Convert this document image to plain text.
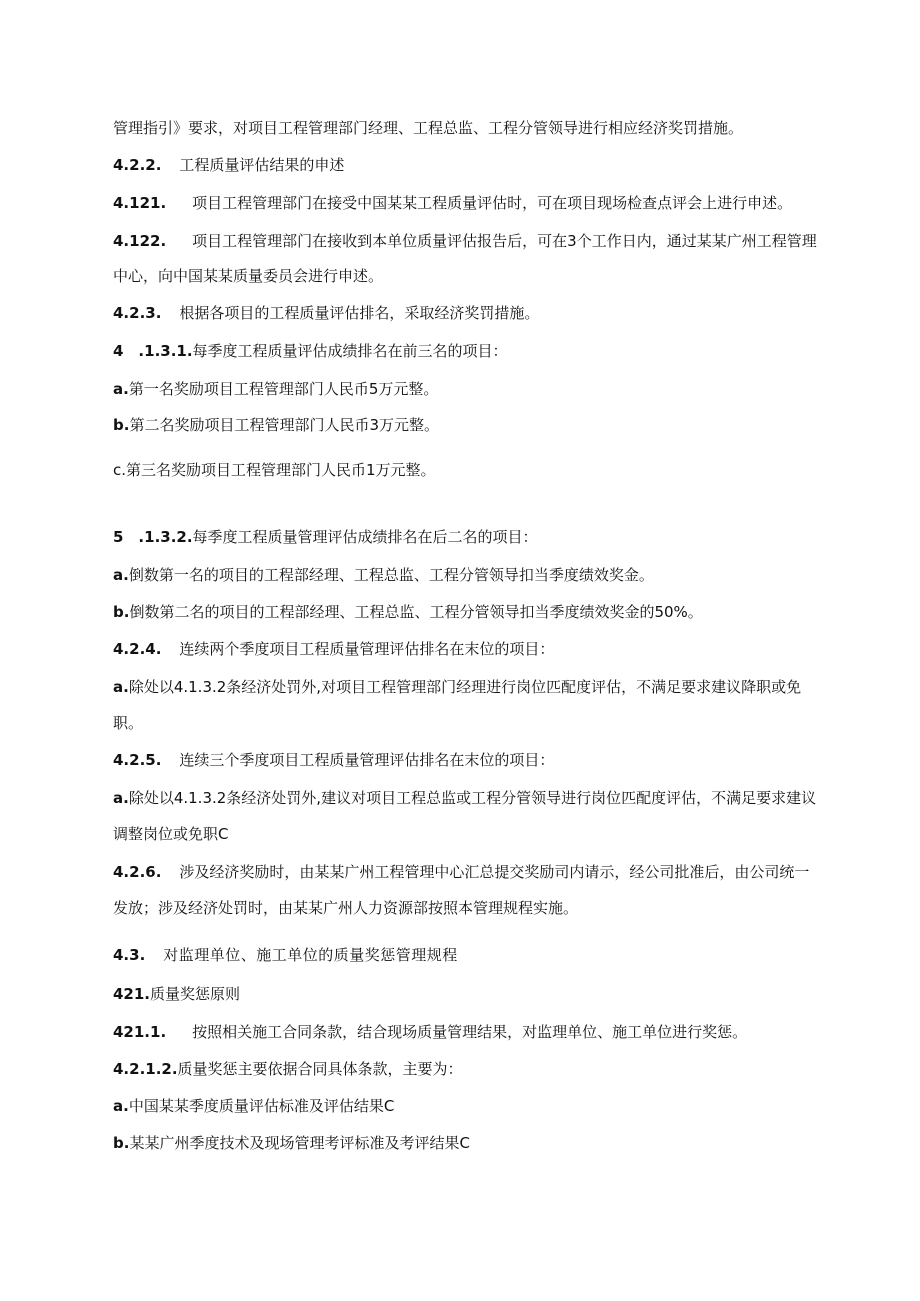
管理指引》要求，对项目工程管理部门经理、工程总监、工程分管领导进行相应经济奖罚措施。
4.2.2. 工程质量评估结果的申述
4.121. 项目工程管理部门在接受中国某某工程质量评估时，可在项目现场检查点评会上进行申述。
4.122. 项目工程管理部门在接收到本单位质量评估报告后，可在3个工作日内，通过某某广州工程管理
中心，向中国某某质量委员会进行申述。
4.2.3. 根据各项目的工程质量评估排名，采取经济奖罚措施。
4　.1.3.1.每季度工程质量评估成绩排名在前三名的项目：
a.第一名奖励项目工程管理部门人民币5万元整。
b.第二名奖励项目工程管理部门人民币3万元整。
c.第三名奖励项目工程管理部门人民币1万元整。
5　.1.3.2.每季度工程质量管理评估成绩排名在后二名的项目：
a.倒数第一名的项目的工程部经理、工程总监、工程分管领导扣当季度绩效奖金。
b.倒数第二名的项目的工程部经理、工程总监、工程分管领导扣当季度绩效奖金的50%。
4.2.4. 连续两个季度项目工程质量管理评估排名在末位的项目：
a.除处以4.1.3.2条经济处罚外,对项目工程管理部门经理进行岗位匹配度评估，不满足要求建议降职或免
职。
4.2.5. 连续三个季度项目工程质量管理评估排名在末位的项目：
a.除处以4.1.3.2条经济处罚外,建议对项目工程总监或工程分管领导进行岗位匹配度评估，不满足要求建议
调整岗位或免职C
4.2.6. 涉及经济奖励时，由某某广州工程管理中心汇总提交奖励司内请示，经公司批准后，由公司统一
发放；涉及经济处罚时，由某某广州人力资源部按照本管理规程实施。
4.3. 对监理单位、施工单位的质量奖惩管理规程
421.质量奖惩原则
421.1. 按照相关施工合同条款，结合现场质量管理结果，对监理单位、施工单位进行奖惩。
4.2.1.2.质量奖惩主要依据合同具体条款，主要为：
a.中国某某季度质量评估标准及评估结果C
b.某某广州季度技术及现场管理考评标准及考评结果C
